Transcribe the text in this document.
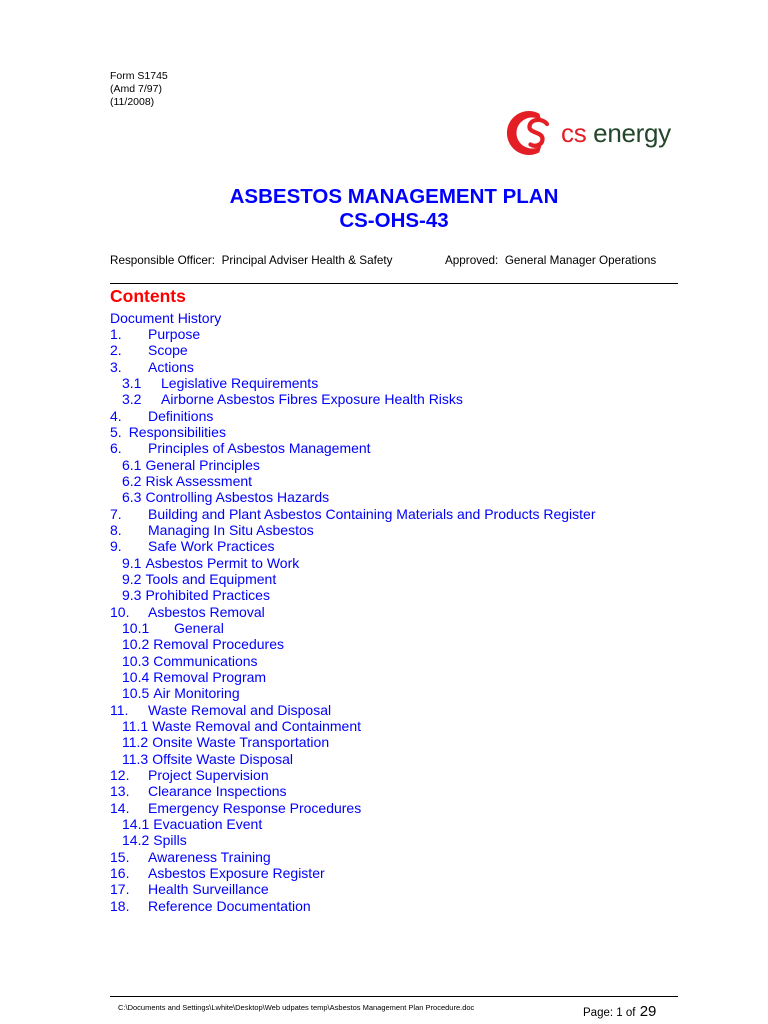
Form S1745
(Amd 7/97)
(11/2008)
cs energy
ASBESTOS MANAGEMENT PLAN
CS-OHS-43
Responsible Officer: Principal Adviser Health & Safety	Approved: General Manager Operations
Contents
Document History
1. Purpose
2. Scope
3. Actions
3.1 Legislative Requirements
3.2 Airborne Asbestos Fibres Exposure Health Risks
4. Definitions
5. Responsibilities
6. Principles of Asbestos Management
6.1 General Principles
6.2 Risk Assessment
6.3 Controlling Asbestos Hazards
7. Building and Plant Asbestos Containing Materials and Products Register
8. Managing In Situ Asbestos
9. Safe Work Practices
9.1 Asbestos Permit to Work
9.2 Tools and Equipment
9.3 Prohibited Practices
10. Asbestos Removal
10.1 General
10.2 Removal Procedures
10.3 Communications
10.4 Removal Program
10.5 Air Monitoring
11. Waste Removal and Disposal
11.1 Waste Removal and Containment
11.2 Onsite Waste Transportation
11.3 Offsite Waste Disposal
12. Project Supervision
13. Clearance Inspections
14. Emergency Response Procedures
14.1 Evacuation Event
14.2 Spills
15. Awareness Training
16. Asbestos Exposure Register
17. Health Surveillance
18. Reference Documentation
C:\Documents and Settings\Lwhite\Desktop\Web udpates temp\Asbestos Management Plan Procedure.doc	Page: 1 of 29
